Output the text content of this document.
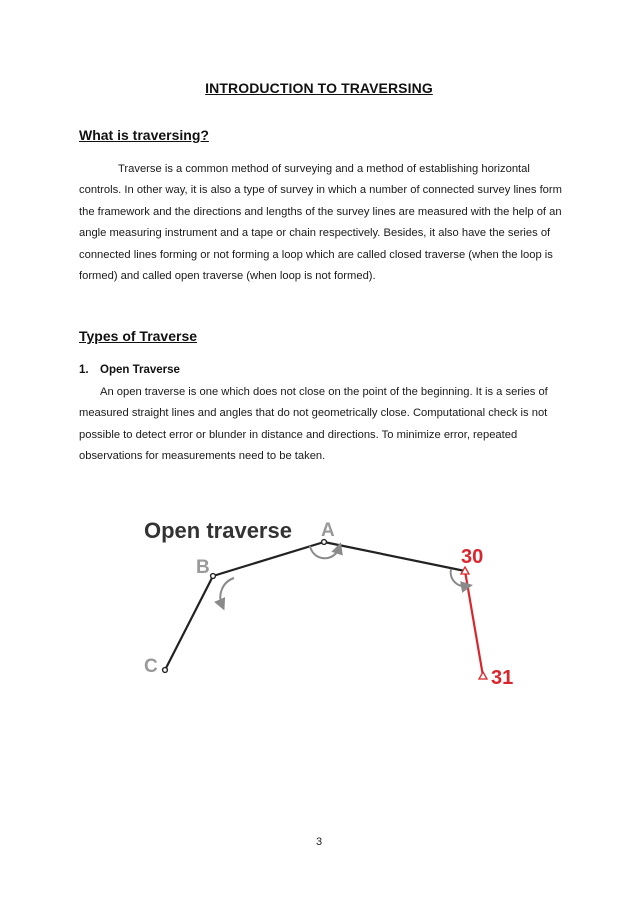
INTRODUCTION TO TRAVERSING
What is traversing?

Traverse is a common method of surveying and a method of establishing horizontal controls. In other way, it is also a type of survey in which a number of connected survey lines form the framework and the directions and lengths of the survey lines are measured with the help of an angle measuring instrument and a tape or chain respectively. Besides, it also have the series of connected lines forming or not forming a loop which are called closed traverse (when the loop is formed) and called open traverse (when loop is not formed).

Types of Traverse
1. Open Traverse

An open traverse is one which does not close on the point of the beginning. It is a series of measured straight lines and angles that do not geometrically close. Computational check is not possible to detect error or blunder in distance and directions. To minimize error, repeated observations for measurements need to be taken.

Open traverse A
B
C
30
31

3
